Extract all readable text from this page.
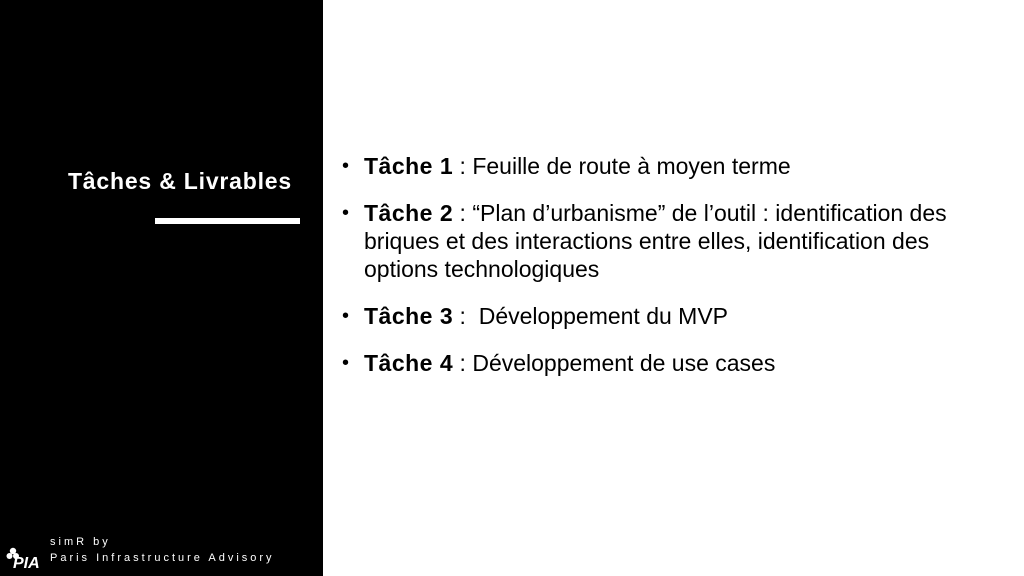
Tâches & Livrables
PIA
simR by
Paris Infrastructure Advisory
• Tâche 1 : Feuille de route à moyen terme
• Tâche 2 : “Plan d’urbanisme” de l’outil : identification des briques et des interactions entre elles, identification des options technologiques
• Tâche 3 :  Développement du MVP
• Tâche 4 : Développement de use cases
